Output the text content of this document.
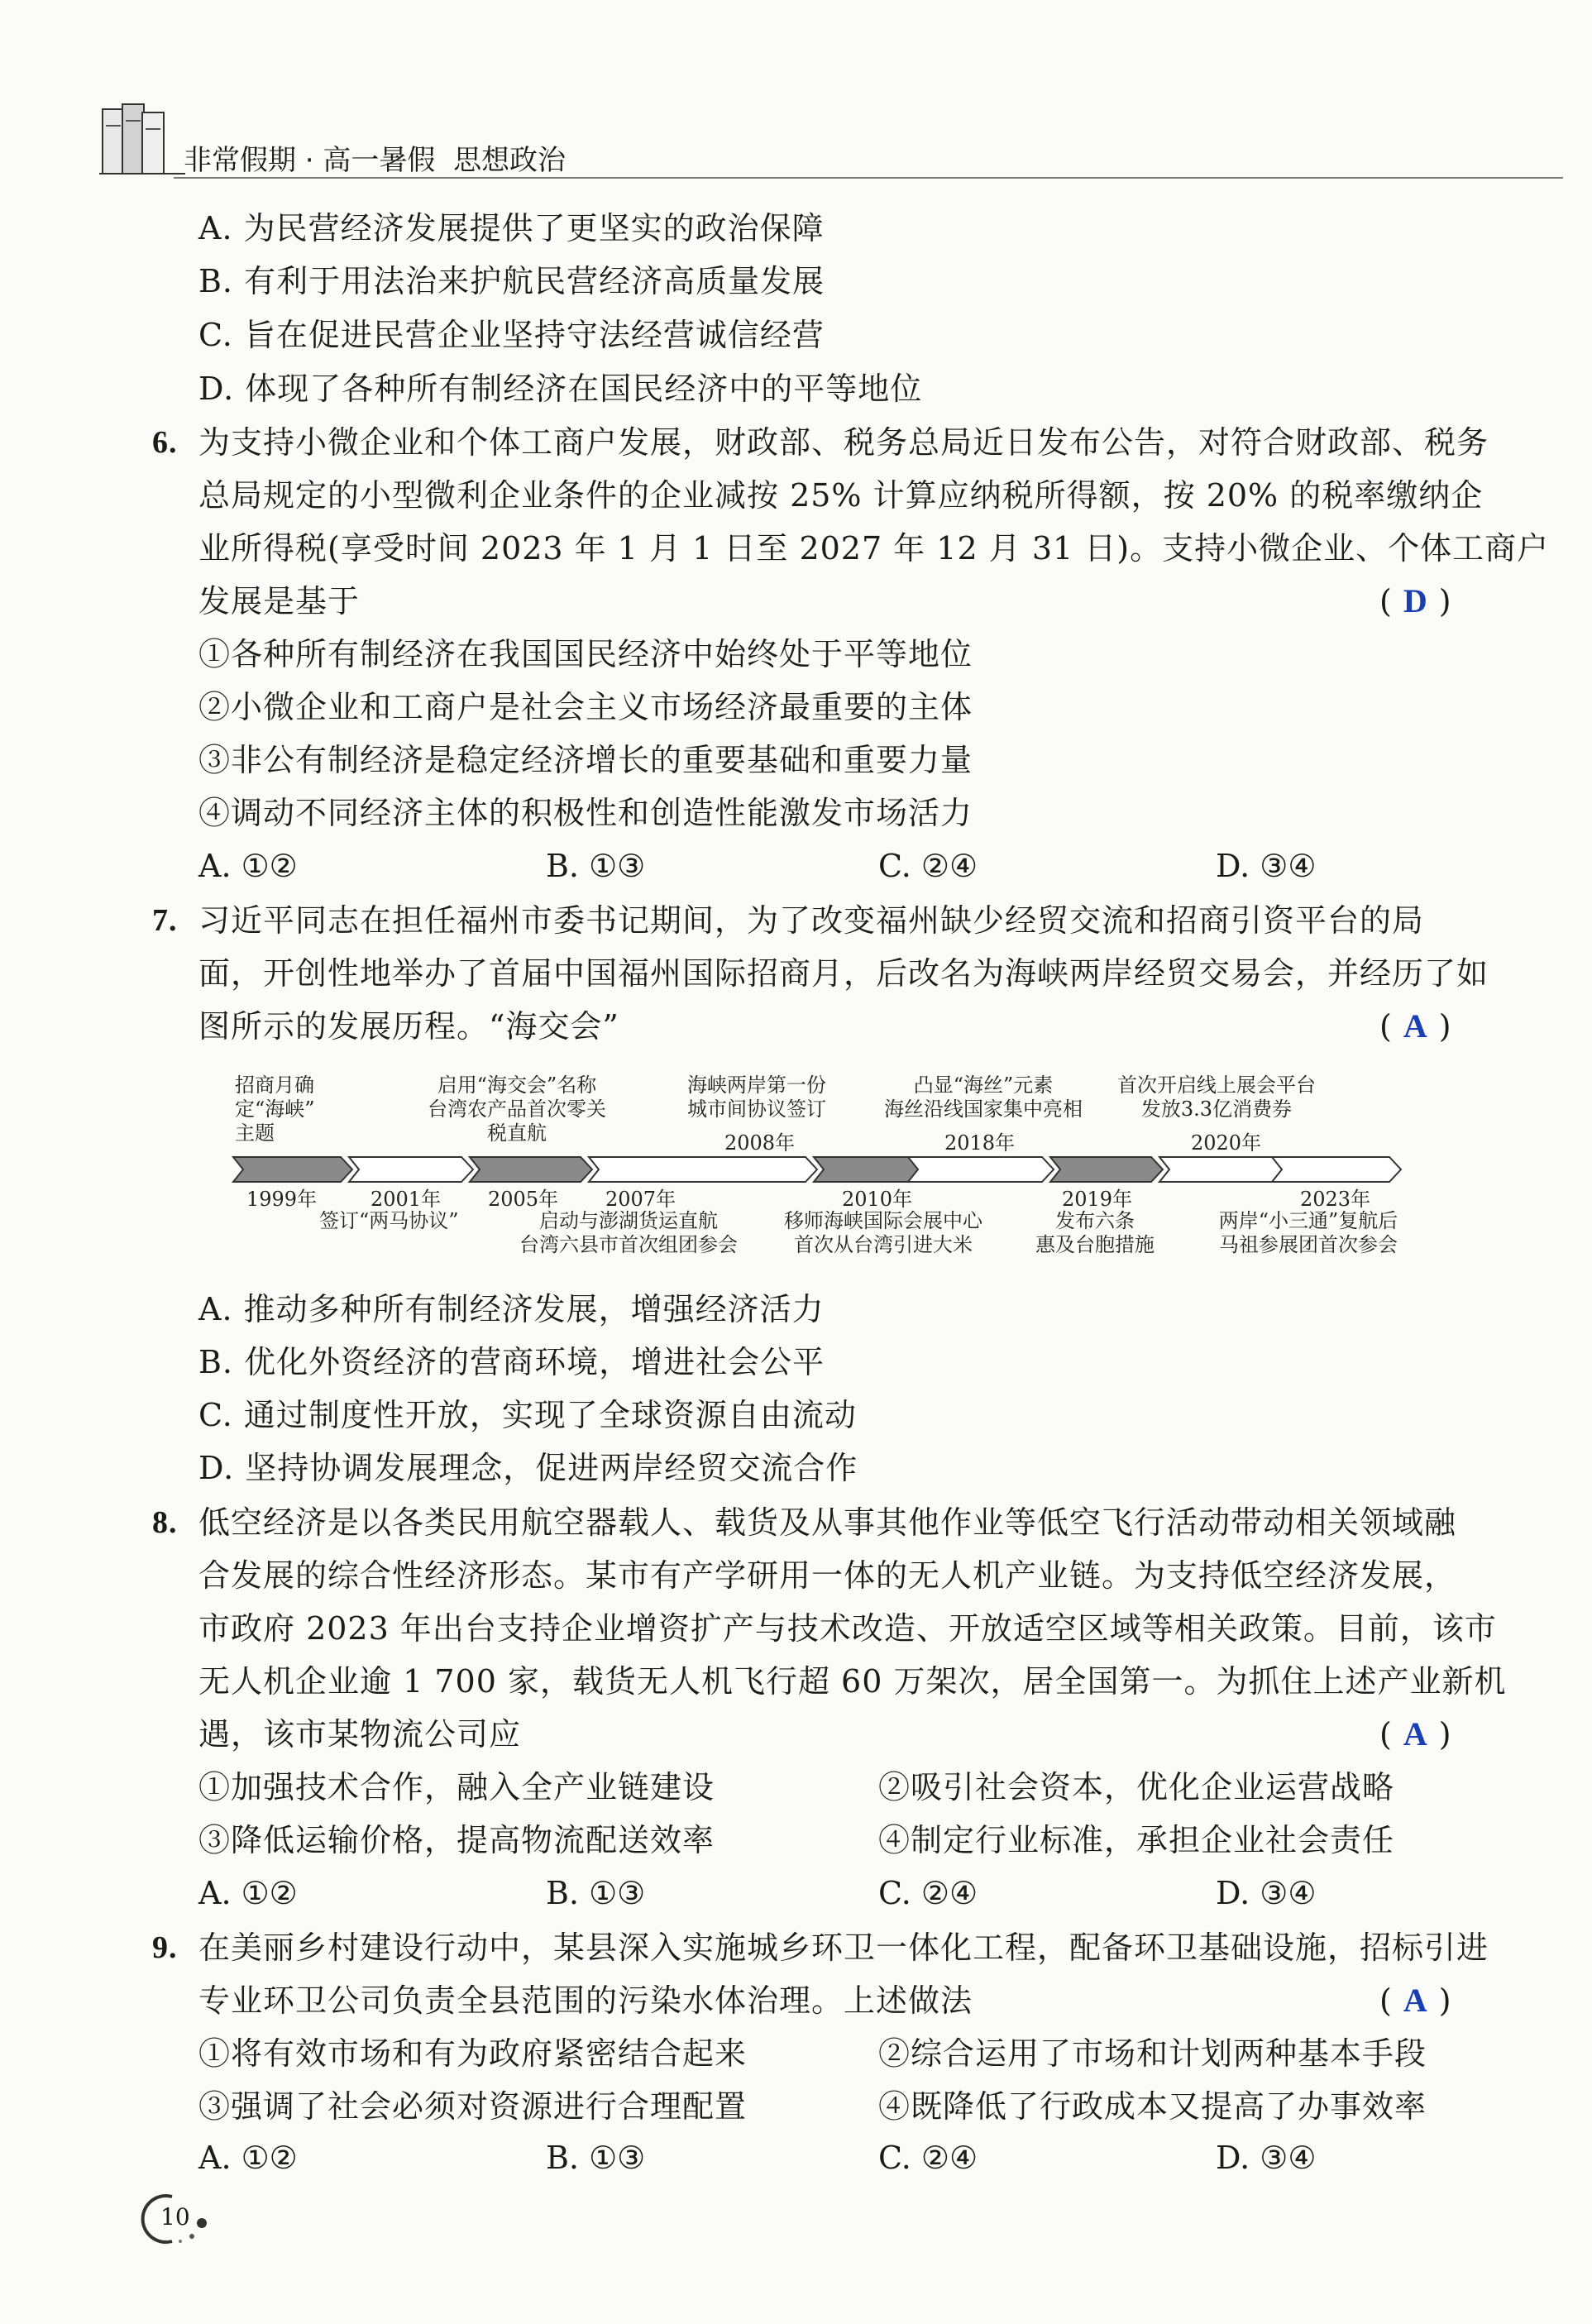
非常假期 · 高一暑假 思想政治
A. 为民营经济发展提供了更坚实的政治保障
B. 有利于用法治来护航民营经济高质量发展
C. 旨在促进民营企业坚持守法经营诚信经营
D. 体现了各种所有制经济在国民经济中的平等地位
6. 为支持小微企业和个体工商户发展，财政部、税务总局近日发布公告，对符合财政部、税务
总局规定的小型微利企业条件的企业减按 25% 计算应纳税所得额，按 20% 的税率缴纳企
业所得税(享受时间 2023 年 1 月 1 日至 2027 年 12 月 31 日)。支持小微企业、个体工商户
发展是基于	( D )
①各种所有制经济在我国国民经济中始终处于平等地位
②小微企业和工商户是社会主义市场经济最重要的主体
③非公有制经济是稳定经济增长的重要基础和重要力量
④调动不同经济主体的积极性和创造性能激发市场活力
A. ①②	B. ①③	C. ②④	D. ③④
7. 习近平同志在担任福州市委书记期间，为了改变福州缺少经贸交流和招商引资平台的局
面，开创性地举办了首届中国福州国际招商月，后改名为海峡两岸经贸交易会，并经历了如
图所示的发展历程。“海交会”	( A )
招商月确
定“海峡”
主题
启用“海交会”名称
台湾农产品首次零关
税直航
海峡两岸第一份
城市间协议签订
凸显“海丝”元素
海丝沿线国家集中亮相
首次开启线上展会平台
发放3.3亿消费券
2008年	2018年	2020年
1999年	2001年 2005年 2007年	2010年	2019年	2023年
签订“两马协议”	启动与澎湖货运直航
台湾六县市首次组团参会
移师海峡国际会展中心
首次从台湾引进大米
发布六条
惠及台胞措施
两岸“小三通”复航后
马祖参展团首次参会
A. 推动多种所有制经济发展，增强经济活力
B. 优化外资经济的营商环境，增进社会公平
C. 通过制度性开放，实现了全球资源自由流动
D. 坚持协调发展理念，促进两岸经贸交流合作
8. 低空经济是以各类民用航空器载人、载货及从事其他作业等低空飞行活动带动相关领域融
合发展的综合性经济形态。某市有产学研用一体的无人机产业链。为支持低空经济发展，
市政府 2023 年出台支持企业增资扩产与技术改造、开放适空区域等相关政策。目前，该市
无人机企业逾 1 700 家，载货无人机飞行超 60 万架次，居全国第一。为抓住上述产业新机
遇，该市某物流公司应	( A )
①加强技术合作，融入全产业链建设	②吸引社会资本，优化企业运营战略
③降低运输价格，提高物流配送效率	④制定行业标准，承担企业社会责任
A. ①②	B. ①③	C. ②④	D. ③④
9. 在美丽乡村建设行动中，某县深入实施城乡环卫一体化工程，配备环卫基础设施，招标引进
专业环卫公司负责全县范围的污染水体治理。上述做法	( A )
①将有效市场和有为政府紧密结合起来	②综合运用了市场和计划两种基本手段
③强调了社会必须对资源进行合理配置	④既降低了行政成本又提高了办事效率
A. ①②	B. ①③	C. ②④	D. ③④
10
